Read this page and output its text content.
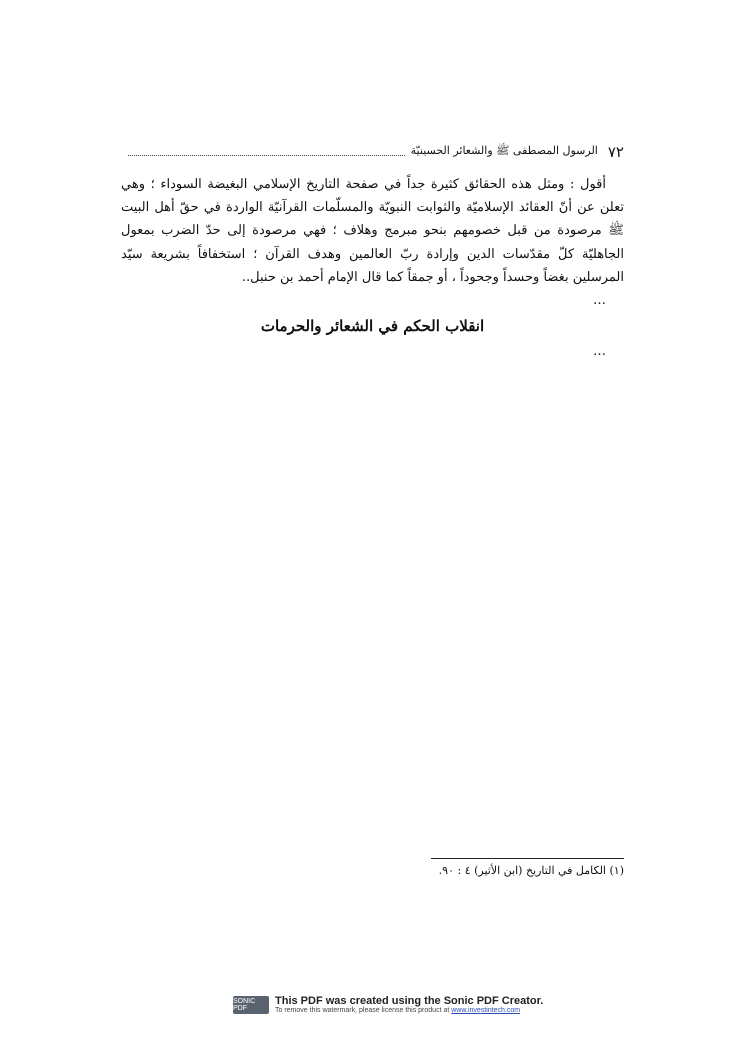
٧٢
الرسول المصطفى ﷺ والشعائر الحسينيّة

أقول : ومثل هذه الحقائق كثيرة جداً في صفحة التاريخ الإسلامي البغيضة السوداء ؛ وهي تعلن عن أنّ العقائد الإسلاميّة والثوابت النبويّة والمسلّمات القرآنيّة الواردة في حقّ أهل البيت ﷺ مرصودة من قبل خصومهم بنحو مبرمج وهلاف ؛ فهي مرصودة إلى حدّ الضرب بمعول الجاهليّة كلّ مقدّسات الدين وإرادة ربّ العالمين وهدف القرآن ؛ استخفافاً بشريعة سيّد المرسلين بغضاً وحسداً وجحوداً ، أو جمقاً كما قال الإمام أحمد بن حنبل..

…

انقلاب الحكم في الشعائر والحرمات

…

(١) الكامل في التاريخ (ابن الأثير) ٤ : ٩٠.
SONIC PDF
This PDF was created using the Sonic PDF Creator.
To remove this watermark, please license this product at www.investintech.com
